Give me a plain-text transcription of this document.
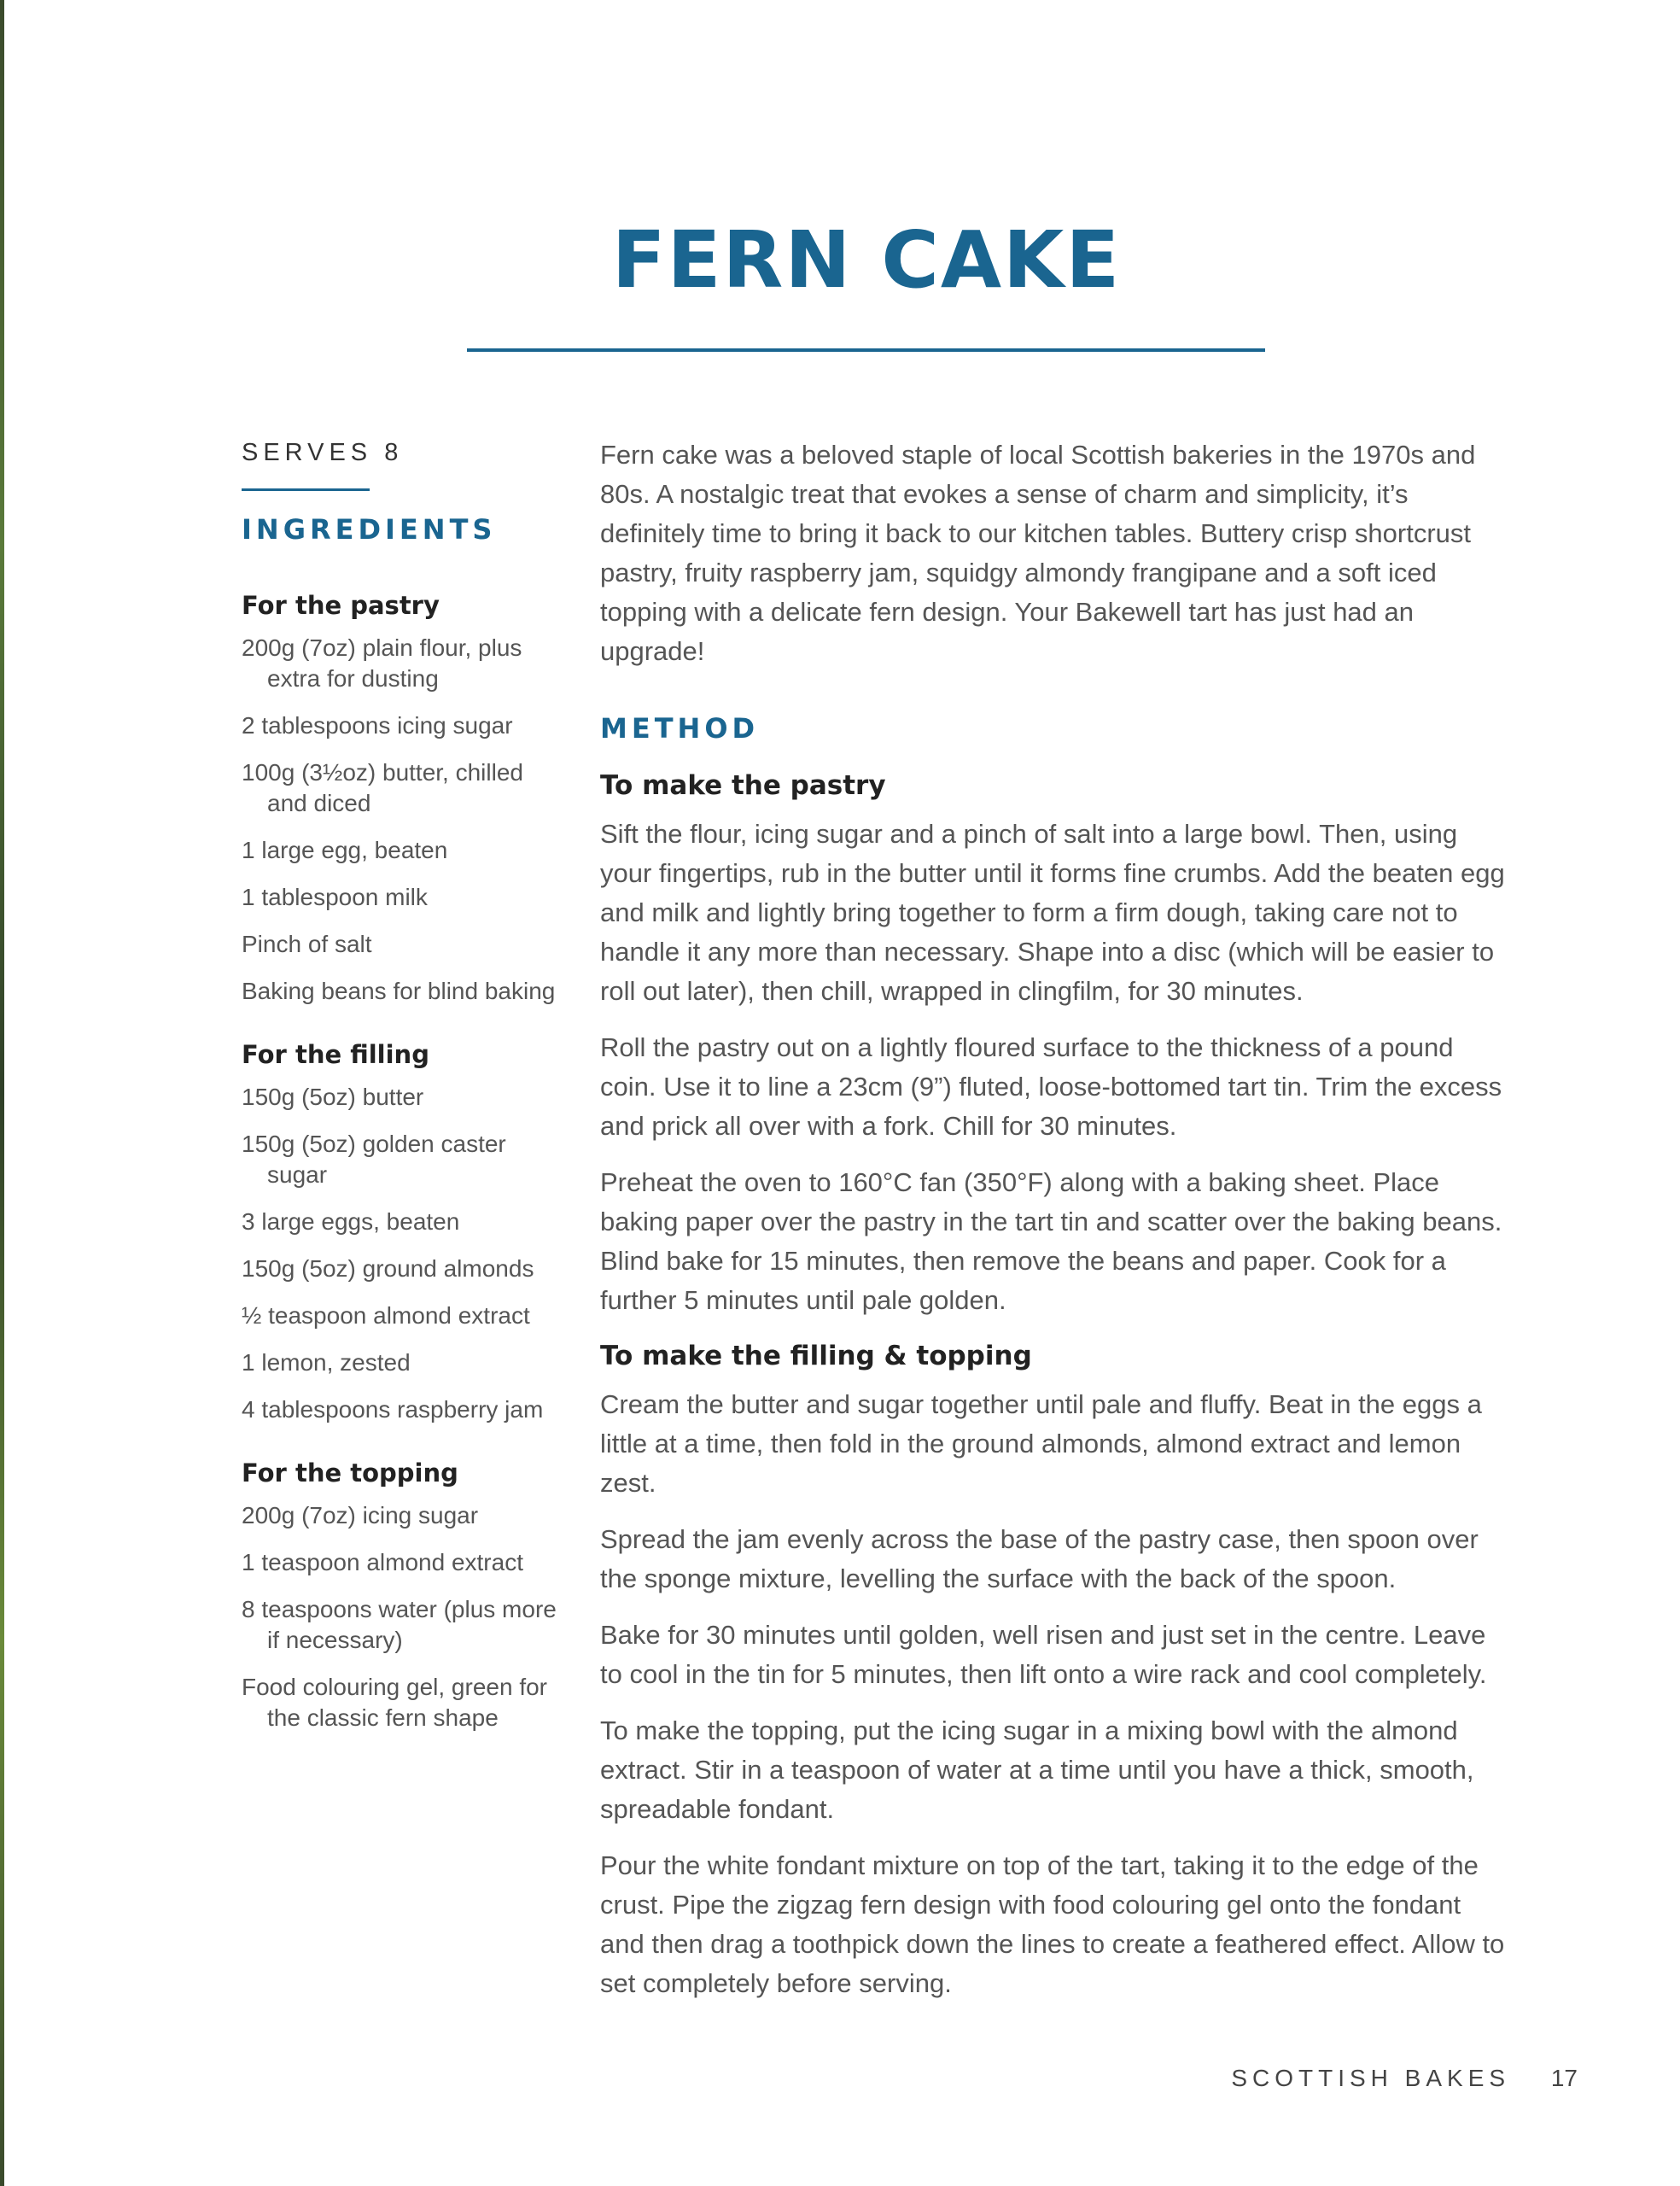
FERN CAKE

SERVES 8

INGREDIENTS
For the pastry

200g (7oz) plain flour, plus extra for dusting

2 tablespoons icing sugar

100g (3½oz) butter, chilled and diced

1 large egg, beaten

1 tablespoon milk

Pinch of salt

Baking beans for blind baking

For the filling

150g (5oz) butter

150g (5oz) golden caster sugar

3 large eggs, beaten

150g (5oz) ground almonds

½ teaspoon almond extract

1 lemon, zested

4 tablespoons raspberry jam

For the topping

200g (7oz) icing sugar

1 teaspoon almond extract

8 teaspoons water (plus more if necessary)

Food colouring gel, green for the classic fern shape

Fern cake was a beloved staple of local Scottish bakeries in the 1970s and 80s. A nostalgic treat that evokes a sense of charm and simplicity, it’s definitely time to bring it back to our kitchen tables. Buttery crisp shortcrust pastry, fruity raspberry jam, squidgy almondy frangipane and a soft iced topping with a delicate fern design. Your Bakewell tart has just had an upgrade!

METHOD
To make the pastry

Sift the flour, icing sugar and a pinch of salt into a large bowl. Then, using your fingertips, rub in the butter until it forms fine crumbs. Add the beaten egg and milk and lightly bring together to form a firm dough, taking care not to handle it any more than necessary. Shape into a disc (which will be easier to roll out later), then chill, wrapped in clingfilm, for 30 minutes.

Roll the pastry out on a lightly floured surface to the thickness of a pound coin. Use it to line a 23cm (9”) fluted, loose-bottomed tart tin. Trim the excess and prick all over with a fork. Chill for 30 minutes.

Preheat the oven to 160°C fan (350°F) along with a baking sheet. Place baking paper over the pastry in the tart tin and scatter over the baking beans. Blind bake for 15 minutes, then remove the beans and paper. Cook for a further 5 minutes until pale golden.

To make the filling & topping

Cream the butter and sugar together until pale and fluffy. Beat in the eggs a little at a time, then fold in the ground almonds, almond extract and lemon zest.

Spread the jam evenly across the base of the pastry case, then spoon over the sponge mixture, levelling the surface with the back of the spoon.

Bake for 30 minutes until golden, well risen and just set in the centre. Leave to cool in the tin for 5 minutes, then lift onto a wire rack and cool completely.

To make the topping, put the icing sugar in a mixing bowl with the almond extract. Stir in a teaspoon of water at a time until you have a thick, smooth, spreadable fondant.

Pour the white fondant mixture on top of the tart, taking it to the edge of the crust. Pipe the zigzag fern design with food colouring gel onto the fondant and then drag a toothpick down the lines to create a feathered effect. Allow to set completely before serving.

SCOTTISH BAKES 17
